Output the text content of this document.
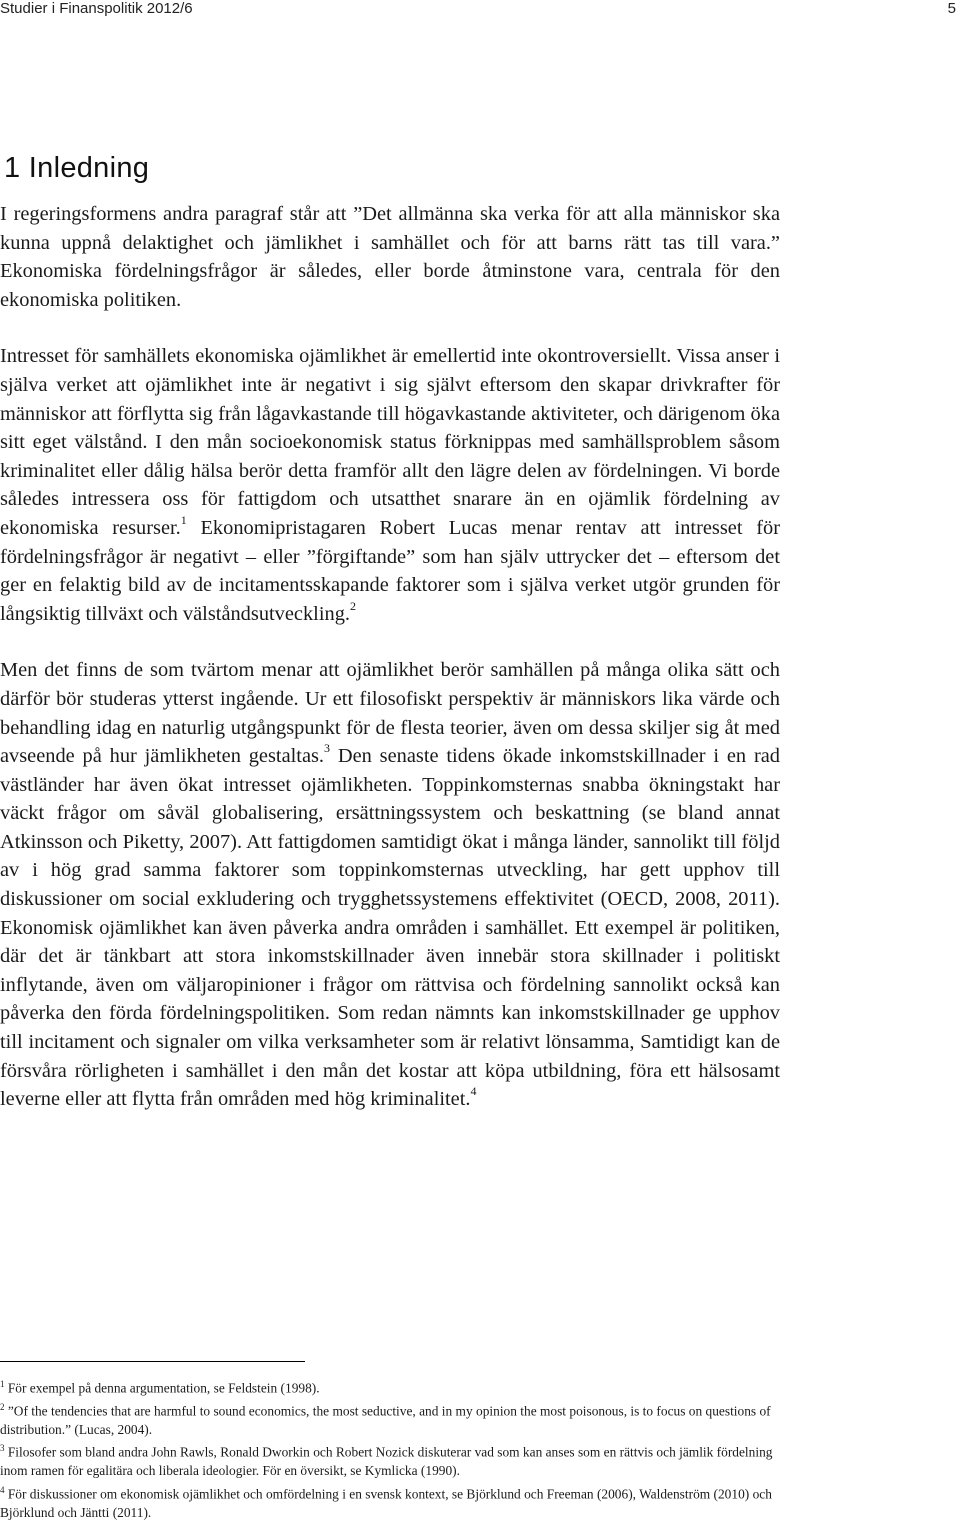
Studier i Finanspolitik 2012/6	5
1 Inledning

I regeringsformens andra paragraf står att ”Det allmänna ska verka för att alla människor ska kunna uppnå delaktighet och jämlikhet i samhället och för att barns rätt tas till vara.” Ekonomiska fördelningsfrågor är således, eller borde åtminstone vara, centrala för den ekonomiska politiken.

Intresset för samhällets ekonomiska ojämlikhet är emellertid inte okontroversiellt. Vissa anser i själva verket att ojämlikhet inte är negativt i sig självt eftersom den skapar drivkrafter för människor att förflytta sig från lågavkastande till högavkastande aktiviteter, och därigenom öka sitt eget välstånd. I den mån socioekonomisk status förknippas med samhällsproblem såsom kriminalitet eller dålig hälsa berör detta framför allt den lägre delen av fördelningen. Vi borde således intressera oss för fattigdom och utsatthet snarare än en ojämlik fördelning av ekonomiska resurser.$^1$ Ekonomipristagaren Robert Lucas menar rentav att intresset för fördelningsfrågor är negativt – eller ”förgiftande” som han själv uttrycker det – eftersom det ger en felaktig bild av de incitamentsskapande faktorer som i själva verket utgör grunden för långsiktig tillväxt och välståndsutveckling.$^2$

Men det finns de som tvärtom menar att ojämlikhet berör samhällen på många olika sätt och därför bör studeras ytterst ingående. Ur ett filosofiskt perspektiv är människors lika värde och behandling idag en naturlig utgångspunkt för de flesta teorier, även om dessa skiljer sig åt med avseende på hur jämlikheten gestaltas.$^3$ Den senaste tidens ökade inkomstskillnader i en rad västländer har även ökat intresset ojämlikheten. Toppinkomsternas snabba ökningstakt har väckt frågor om såväl globalisering, ersättningssystem och beskattning (se bland annat Atkinsson och Piketty, 2007). Att fattigdomen samtidigt ökat i många länder, sannolikt till följd av i hög grad samma faktorer som toppinkomsternas utveckling, har gett upphov till diskussioner om social exkludering och trygghetssystemens effektivitet (OECD, 2008, 2011). Ekonomisk ojämlikhet kan även påverka andra områden i samhället. Ett exempel är politiken, där det är tänkbart att stora inkomstskillnader även innebär stora skillnader i politiskt inflytande, även om väljaropinioner i frågor om rättvisa och fördelning sannolikt också kan påverka den förda fördelningspolitiken. Som redan nämnts kan inkomstskillnader ge upphov till incitament och signaler om vilka verksamheter som är relativt lönsamma, Samtidigt kan de försvåra rörligheten i samhället i den mån det kostar att köpa utbildning, föra ett hälsosamt leverne eller att flytta från områden med hög kriminalitet.$^4$

$^1$ För exempel på denna argumentation, se Feldstein (1998).

$^2$ ”Of the tendencies that are harmful to sound economics, the most seductive, and in my opinion the most poisonous, is to focus on questions of distribution.” (Lucas, 2004).

$^3$ Filosofer som bland andra John Rawls, Ronald Dworkin och Robert Nozick diskuterar vad som kan anses som en rättvis och jämlik fördelning inom ramen för egalitära och liberala ideologier. För en översikt, se Kymlicka (1990).

$^4$ För diskussioner om ekonomisk ojämlikhet och omfördelning i en svensk kontext, se Björklund och Freeman (2006), Waldenström (2010) och Björklund och Jäntti (2011).
